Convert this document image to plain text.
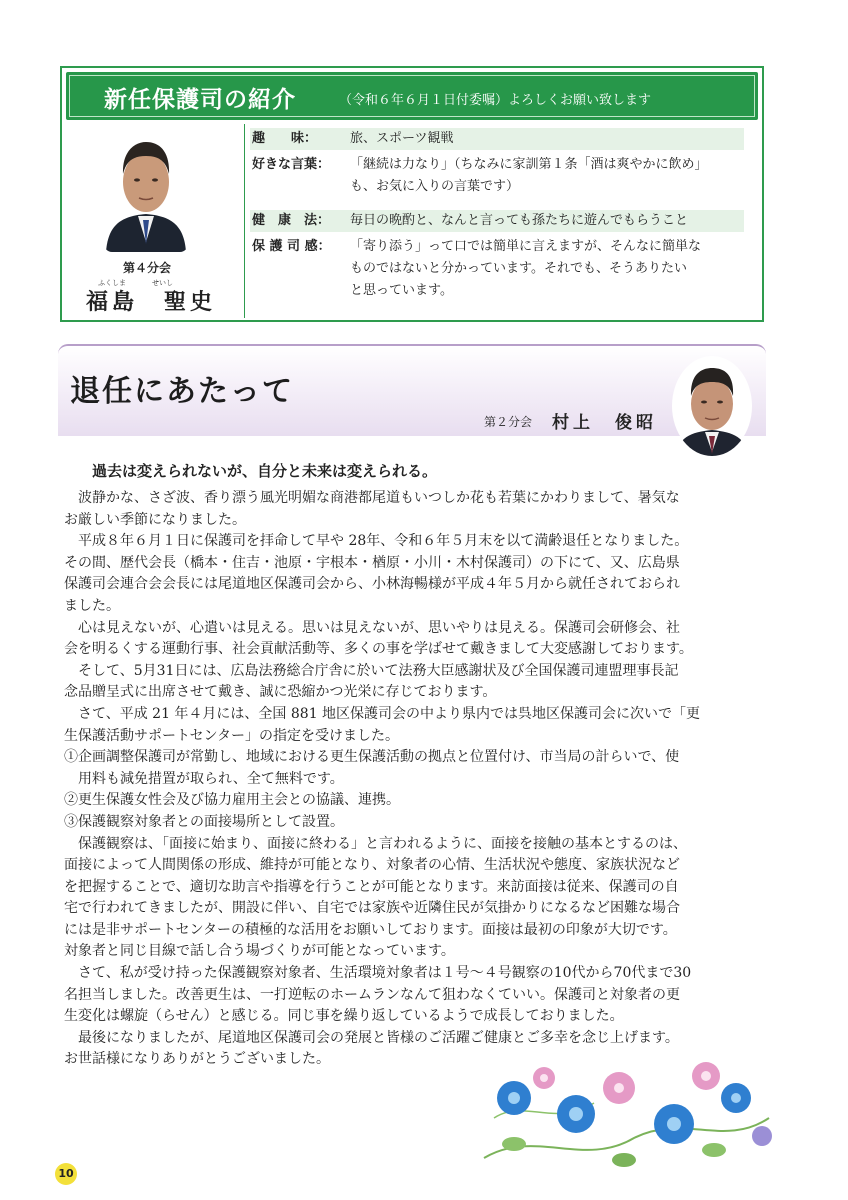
新任保護司の紹介	（令和６年６月１日付委嘱）よろしくお願い致します
第４分会
ふくしま	せいし
福島　聖史
趣　　味：	旅、スポーツ観戦
好きな言葉：	「継続は力なり」（ちなみに家訓第１条「酒は爽やかに飲め」
も、お気に入りの言葉です）
健　康　法：	毎日の晩酌と、なんと言っても孫たちに遊んでもらうこと
保 護 司 感：	「寄り添う」って口では簡単に言えますが、そんなに簡単な
ものではないと分かっています。それでも、そうありたい
と思っています。
退任にあたって
第２分会 村上　俊昭
過去は変えられないが、自分と未来は変えられる。
　波静かな、さざ波、香り漂う風光明媚な商港都尾道もいつしか花も若葉にかわりまして、暑気な
お厳しい季節になりました。
　平成８年６月１日に保護司を拝命して早や 28年、令和６年５月末を以て満齢退任となりました。
その間、歴代会長（橋本・住吉・池原・宇根本・楢原・小川・木村保護司）の下にて、又、広島県
保護司会連合会会長には尾道地区保護司会から、小林海暢様が平成４年５月から就任されておられ
ました。
　心は見えないが、心遣いは見える。思いは見えないが、思いやりは見える。保護司会研修会、社
会を明るくする運動行事、社会貢献活動等、多くの事を学ばせて戴きまして大変感謝しております。
　そして、5月31日には、広島法務総合庁舎に於いて法務大臣感謝状及び全国保護司連盟理事長記
念品贈呈式に出席させて戴き、誠に恐縮かつ光栄に存じております。
　さて、平成 21 年４月には、全国 881 地区保護司会の中より県内では呉地区保護司会に次いで「更
生保護活動サポートセンター」の指定を受けました。
①企画調整保護司が常勤し、地域における更生保護活動の拠点と位置付け、市当局の計らいで、使
　用料も減免措置が取られ、全て無料です。
②更生保護女性会及び協力雇用主会との協議、連携。
③保護観察対象者との面接場所として設置。
　保護観察は、「面接に始まり、面接に終わる」と言われるように、面接を接触の基本とするのは、
面接によって人間関係の形成、維持が可能となり、対象者の心情、生活状況や態度、家族状況など
を把握することで、適切な助言や指導を行うことが可能となります。来訪面接は従来、保護司の自
宅で行われてきましたが、開設に伴い、自宅では家族や近隣住民が気掛かりになるなど困難な場合
には是非サポートセンターの積極的な活用をお願いしております。面接は最初の印象が大切です。
対象者と同じ目線で話し合う場づくりが可能となっています。
　さて、私が受け持った保護観察対象者、生活環境対象者は１号～４号観察の10代から70代まで30
名担当しました。改善更生は、一打逆転のホームランなんて狙わなくていい。保護司と対象者の更
生変化は螺旋（らせん）と感じる。同じ事を繰り返しているようで成長しておりました。
　最後になりましたが、尾道地区保護司会の発展と皆様のご活躍ご健康とご多幸を念じ上げます。
お世話様になりありがとうございました。
10
